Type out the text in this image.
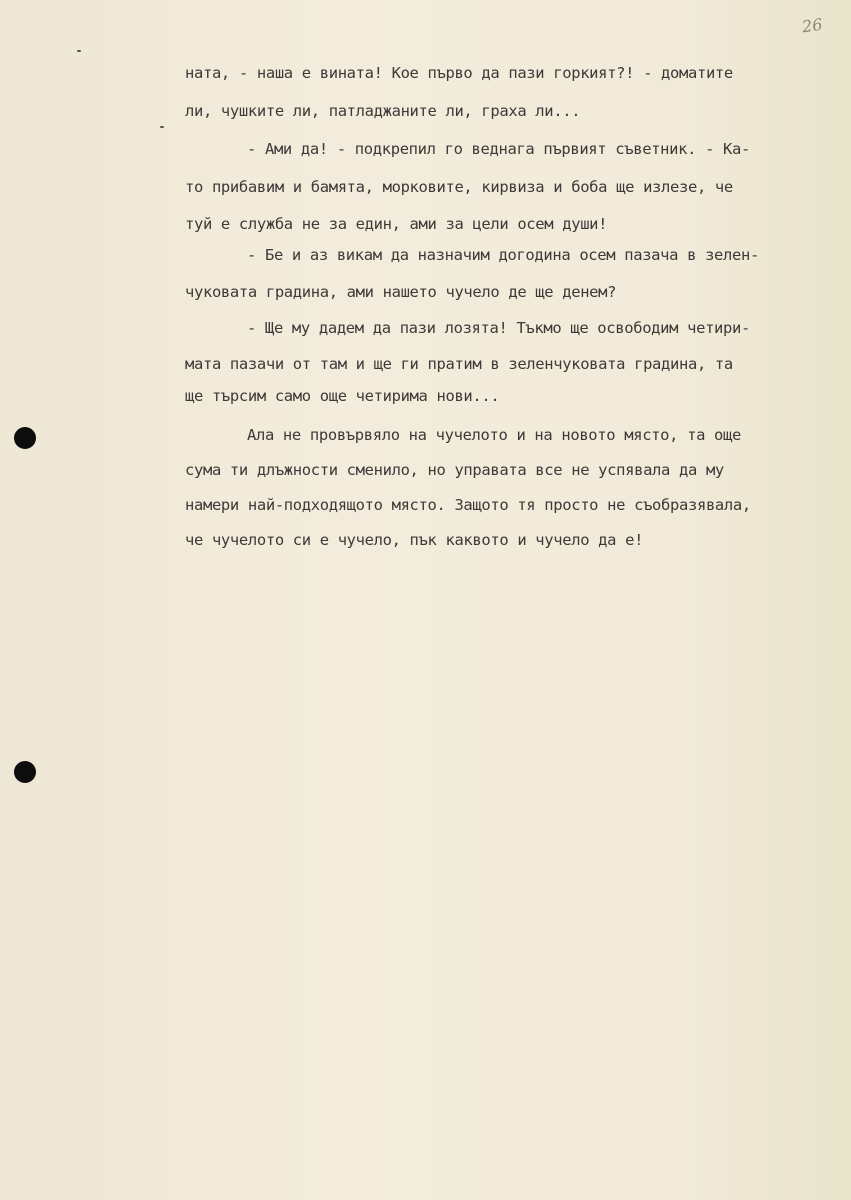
26
ната, - наша е вината! Кое първо да пази горкият?! - доматите
ли, чушките ли, патладжаните ли, граха ли...
- Ами да! - подкрепил го веднага първият съветник. - Ка-
то прибавим и бамята, морковите, кирвиза и боба ще излезе, че
туй е служба не за един, ами за цели осем души!
- Бе и аз викам да назначим догодина осем пазача в зелен-
чуковата градина, ами нашето чучело де ще денем?
- Ще му дадем да пази лозята! Тъкмо ще освободим четири-
мата пазачи от там и ще ги пратим в зеленчуковата градина, та
ще търсим само още четирима нови...
Ала не провървяло на чучелото и на новото място, та още
сума ти длъжности сменило, но управата все не успявала да му
намери най-подходящото място. Защото тя просто не съобразявала,
че чучелото си е чучело, пък каквото и чучело да е!
